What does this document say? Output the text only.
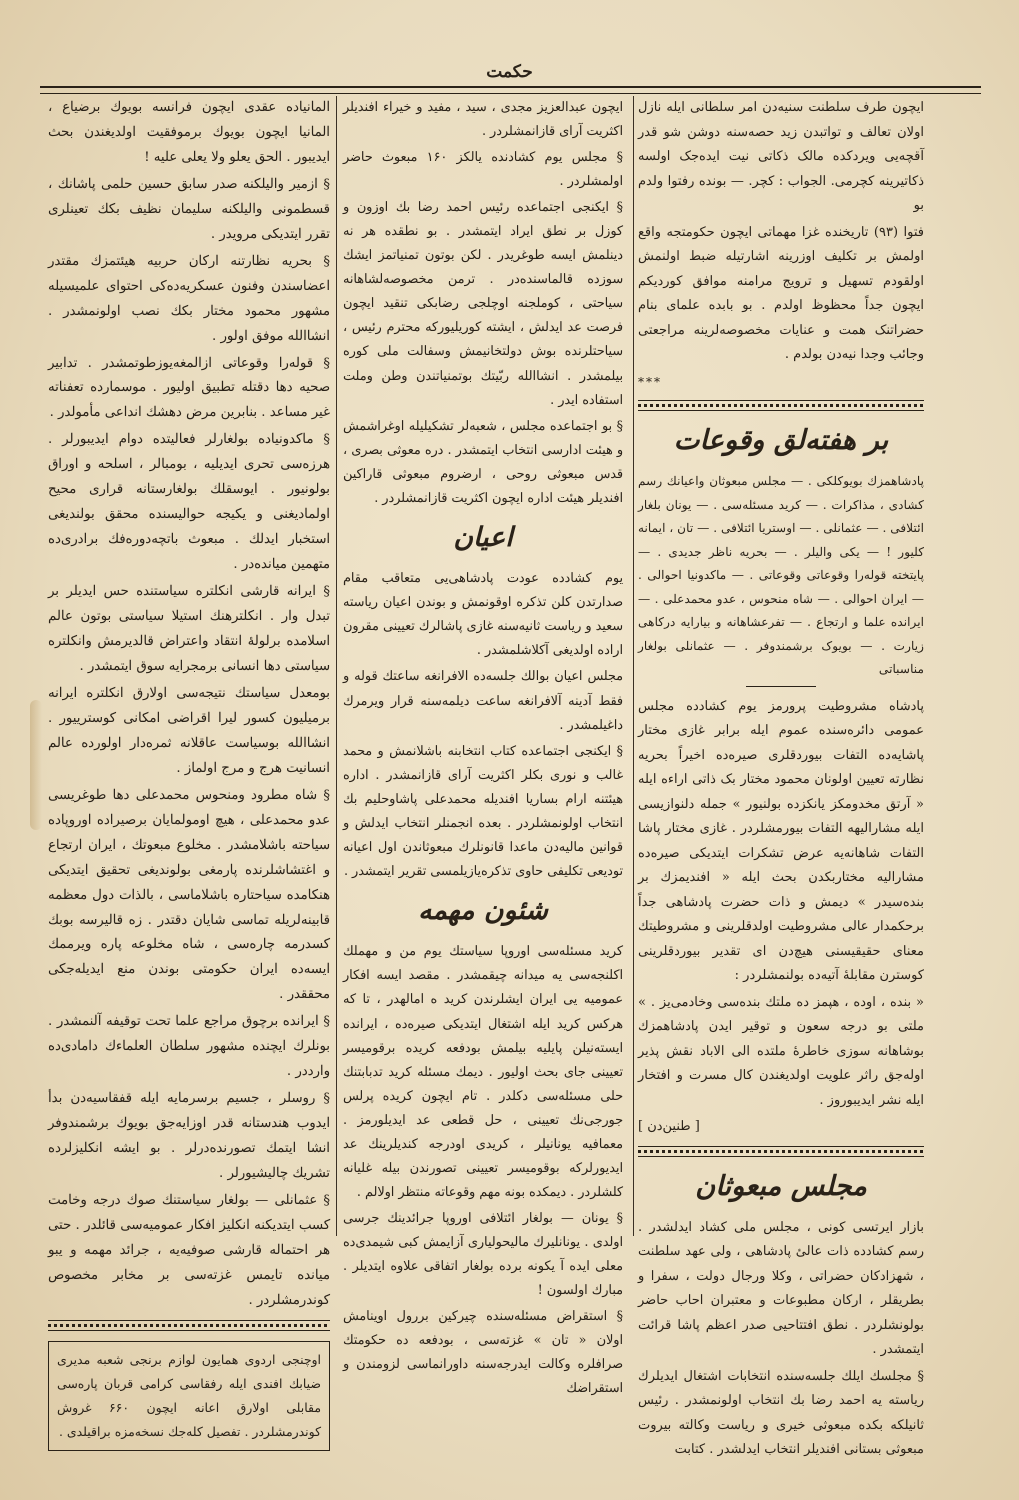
حکمت

ایچون طرف سلطنت سنیه‌دن امر سلطانی ایله نازل اولان تعالف و تواتبدن زید حصه‌سنه دوشن شو قدر آقچه‌یی ویردکده مالک ذکاتی نیت ایده‌جک اولسه ذکاتیرینه کچرمی. الجواب : کچر. — بونده رفتوا ولدم بو

فتوا (۹۳) تاریخنده غزا مهماتی ایچون حکومتجه واقع اولمش بر تکلیف اوزرینه اشارتیله ضبط اولنمش اولقودم تسهیل و ترویج مرامنه موافق کوردیکم ایچون جداً محظوظ اولدم . بو بابده علمای بنام حضراتنک همت و عنایات مخصوصه‌لرینه مراجعتی وجائب وجدا نیه‌دن بولدم .

***
بر هفته‌لق وقوعات

پادشاهمزك بویوکلکی . — مجلس مبعوثان واعیانك رسم کشادی ، مذاکرات . — کرید مسئله‌سی . — یونان بلغار ائتلافی . — عثمانلی . — اوستریا ائتلافی . — تان ، ایمانه کلیور ! — یکی والیلر . — بحریه ناظر جدیدی . — پایتخته قوله‌را وقوعاتی وقوعاتی . — ماکدونیا احوالی . — ایران احوالی . — شاه منحوس ، عدو محمدعلی . — ایرانده علما و ارتجاع . — تفرعشاهانه و بیارایه درکاهی زیارت . — بویوک برشمندوفر . — عثمانلی بولغار مناسباتی

پادشاه مشروطیت پرورمز یوم کشادده مجلس عمومی دائره‌سنده عموم ایله برابر غازی مختار پاشایه‌ده التفات بیوردقلری صیره‌ده اخیراً بحریه نظارته تعیین اولونان محمود مختار بک ذاتی اراءه ایله « آرتق مخدومکز یانکزده بولنیور » جمله دلنوازیسی ایله مشارالیهه التفات بیورمشلردر . غازی مختار پاشا التفات شاهانه‌یه عرض تشکرات ایتدیکی صیره‌ده مشارالیه مختاربکدن بحث ایله « افندیمزك بر بنده‌سیدر » دیمش و ذات حضرت پادشاهی جداً برحکمدار عالی مشروطیت اولدقلرینی و مشروطیتك معنای حقیقیسنی هیچ‌دن ای تقدیر بیوردقلرینی کوسترن مقابلهٔ آتیه‌ده بولنمشلردر :

« بنده ، اوده ، هپمز ده ملتك بنده‌سی وخادمی‌یز . » ملتی بو درجه سعون و توقیر ایدن پادشاهمزك بوشاهانه سوزی خاطرهٔ ملتده الی الاباد نقش پذیر اوله‌جق راثر علویت اولدیغندن کال مسرت و افتخار ایله نشر ایدیبوروز .

[ طنین‌دن ]

مجلس مبعوثان

بازار ایرتسی کونی ، مجلس ملی کشاد ایدلشدر . رسم کشادده ذات عالئ پادشاهی ، ولی عهد سلطنت ، شهزادکان حضراتی ، وکلا ورجال دولت ، سفرا و بطریقلر ، ارکان مطبوعات و معتبران احاب حاضر بولونشلردر . نطق افتتاحیی صدر اعظم پاشا قرائت ایتمشدر .

§ مجلسك ایلك جلسه‌سنده انتخابات اشتغال ایدیلرك ریاسته یه احمد رضا بك انتخاب اولونمشدر . رئیس ثانیلکه بکده مبعوثی خیری و ریاست وکالته بیروت مبعوثی بستانی افندیلر انتخاب ایدلشدر . کتابت

ایچون عبدالعزیز مجدی ، سید ، مفید و خیراء افندیلر اکثریت آرای قازانمشلردر .

§ مجلس یوم کشادنده یالکز ۱۶۰ مبعوث حاضر اولمشلردر .

§ ایکنجی اجتماعده رئیس احمد رضا بك اوزون و کوزل بر نطق ایراد ایتمشدر . بو نطقده هر نه دینلمش ایسه طوغریدر . لکن بوتون تمنیاتمز ایشك سوزده قالماسنده‌در . ترمن مخصوصه‌لشاهانه سیاحتی ، کوملجنه اوچلجی رضابکی تنقید ایچون فرصت عد ایدلش ، ایشته کوریلیورکه محترم رئیس ، سیاحتلرنده بوش دولتخانیمش وسفالت ملی کوره بیلمشدر . انشاالله ربّیتك بوتمنیاتندن وطن وملت استفاده ایدر .

§ بو اجتماعده مجلس ، شعبه‌لر تشکیلیله اوغراشمش و هیئت ادارسی انتخاب ایتمشدر . دره معوثی بصری ، قدس مبعوثی روحی ، ارضروم مبعوثی قاراکین افندیلر هیئت اداره ایچون اکثریت قازانمشلردر .

اعیان

یوم کشادده عودت پادشاهی‌یی متعاقب مقام صدارتدن کلن تذکره اوقونمش و بوندن اعیان ریاسته سعید و ریاست ثانیه‌سنه غازی پاشالرك تعیینی مقرون اراده اولدیغی آکلاشلمشدر .

مجلس اعیان بوالك جلسه‌ده الافرانغه ساعتك قوله و فقط آدینه آلافرانغه ساعت دیلمه‌سنه قرار ویرمرك داغیلمشدر .

§ ایکنجی اجتماعده کتاب انتخابنه باشلانمش و محمد غالب و نوری بکلر اکثریت آرای قازانمشدر . اداره هیئتنه ارام بساریا افندیله محمدعلی پاشاوحلیم بك انتخاب اولونمشلردر . بعده انجمنلر انتخاب ایدلش و قوانین مالیه‌دن ماعدا قانونلرك مبعوثاندن اول اعیانه تودیعی تکلیفی حاوی تذکره‌یازیلمسی تقریر ایتمشدر .

شئون مهمه

کرید مسئله‌سی اوروپا سیاستك یوم من و مهملك اکلنجه‌سی یه میدانه چیقمشدر . مقصد ایسه افکار عمومیه یی ایران ایشلرندن کرید ه امالهدر ، تا که هرکس کرید ایله اشتغال ایتدیکی صیره‌ده ، ایرانده ایسته‌نیلن پایلیه بیلمش بودفعه کریده برقومیسر تعیینی جای بحث اولیور . دیمك مسئله کرید تدبابتنك حلی مسئله‌سی دکلدر . تام ایچون کریده پرلس جورجی‌نك تعیینی ، حل قطعی عد ایدیلورمز . معمافیه یونانیلر ، کریدی اودرجه کندیلرینك عد ایدیورلرکه بوقومیسر تعیینی تصورندن بیله غلیانه کلشلردر . دیمکده بونه مهم وقوعاته منتظر اولالم .

§ یونان — بولغار ائتلافی اوروپا جرائدینك جرسی اولدی . یونانلیرك مالیحولیاری آزایمش کبی شیمدی‌ده معلی ایده‌ آ یکونه برده بولغار اتفاقی علاوه ایتدیلر . مبارك اولسون !

§ استقراض مسئله‌سنده چیرکین بررول اوینامش اولان « تان » غزته‌سی ، بودفعه ده حکومتك صرافلره وکالت ایدرجه‌سنه داورانماسی لزومندن و استقراضك

المانیاده عقدی ایچون فرانسه بویوك برضیاع ، المانیا ایچون بویوك برموفقیت اولدیغندن بحث ایدیبور . الحق یعلو ولا یعلی علیه !

§ ازمیر والیلکنه صدر سابق حسین حلمی پاشانك ، قسطمونی والیلکنه سلیمان نظیف بکك تعینلری تقرر ایتدیکی مرویدر .

§ بحریه نظارتنه ارکان حربیه هیئتمزك مقتدر اعضاسندن وفنون عسکریه‌ده‌کی احتوای علمیسیله مشهور محمود مختار بکك نصب اولونمشدر . انشاالله موفق اولور .

§ قوله‌را وقوعاتی ازالمغه‌یوزطوتمشدر . تدابیر صحیه دها دقتله تطبیق اولیور . موسمارده تعفناته غیر مساعد . بنابرین مرض دهشك انداعی مأمولدر .

§ ماکدونیاده بولغارلر فعالیتده دوام ایدیبورلر . هرزه‌سی تحری ایدیلیه ، بومبالر ، اسلحه و اوراق بولونیور . ایوسقلك بولغارستانه قراری محیح اولمادیغنی و یکیجه حوالیسنده محقق بولندیغی استخبار ایدلك . مبعوث باتچه‌دوره‌فك برادری‌ده متهمین میانده‌در .

§ ایرانه قارشی انکلتره سیاستنده حس ایدیلر بر تبدل وار . انکلترهنك استیلا سیاستی بوتون عالم اسلامده برلولهٔ انتقاد واعتراض قالدیرمش وانکلتره سیاستی دها انسانی برمجرایه سوق ایتمشدر .

بومعدل سیاستك نتیجه‌سی اولارق انکلتره ایرانه برمیلیون کسور لیرا اقراضی امکانی کوسترییور . انشاالله بوسیاست عاقلانه ثمره‌دار اولورده عالم انسانیت هرج و مرج اولماز .

§ شاه مطرود ومنحوس محمدعلی دها طوغریسی عدو محمدعلی ، هیچ اومولمایان برصیراده اوروپاده سیاحته باشلامشدر . مخلوع مبعوتك ، ایران ارتجاع و اغتشاشلرنده پارمغی بولوندیغی تحقیق ایتدیکی هنکامده سیاحتاره باشلاماسی ، بالذات دول معظمه قابینه‌لریله تماسی شایان دقتدر . زه قالیرسه بوبك کسدرمه چاره‌سی ، شاه مخلوعه پاره ویرممك ایسه‌ده ایران حکومتی بوندن منع ایدیله‌جکی محققدر .

§ ایرانده برچوق مراجع علما تحت توقیفه آلنمشدر . بونلرك ایچنده مشهور سلطان العلماءك دامادی‌ده وارددر .

§ روسلر ، جسیم برسرمایه ایله قفقاسیه‌دن بدأ ایدوب هندستانه قدر اوزایه‌جق بویوك برشمندوفر انشا ایتمك تصورنده‌درلر . بو ایشه انکلیزلرده تشریك چالیشیورلر .

§ عثمانلی — بولغار سیاستنك صوك درجه وخامت کسب ایتدیکنه انکلیز افکار عمومیه‌سی قائلدر . حتی هر احتماله قارشی صوفیه‌یه ، جرائد مهمه و یبو میانده تایمس غزته‌سی بر مخابر مخصوص کوندرمشلردر .

اوچنجی اردوی همایون لوازم برنجی شعبه مدیری ضیابك افندی ایله رفقاسی کرامی قربان پاره‌سی مقابلی اولارق اعانه ایچون ۶۶۰ غروش کوندرمشلردر . تفصیل کله‌جك نسخه‌مزه براقیلدی .
